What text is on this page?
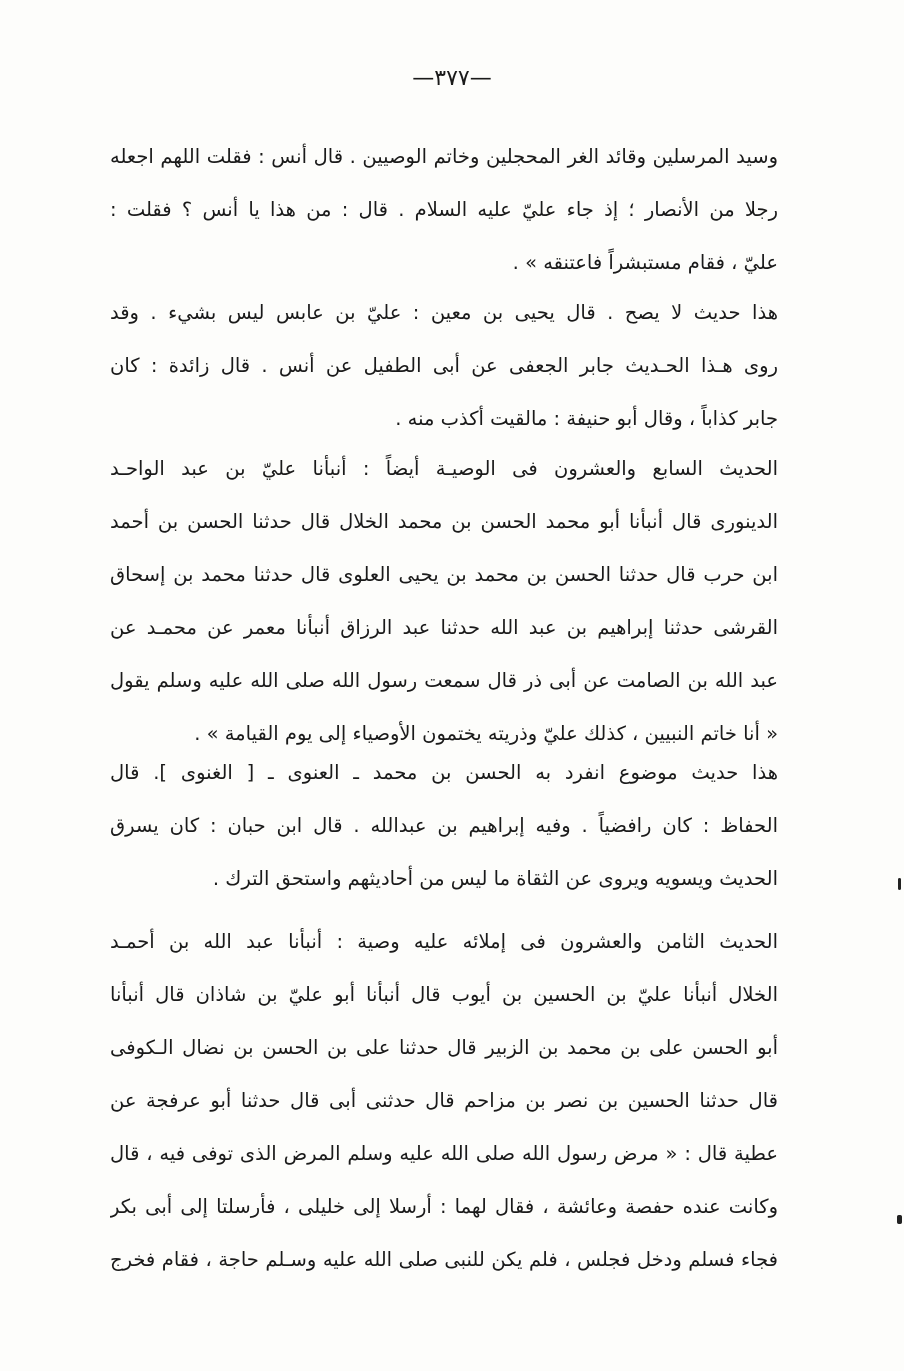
—٣٧٧—
وسيد المرسلين وقائد الغر المحجلين وخاتم الوصيين . قال أنس : فقلت اللهم اجعله
رجلا من الأنصار ؛ إذ جاء عليّ عليه السلام . قال : من هذا يا أنس ؟ فقلت :
عليّ ، فقام مستبشراً فاعتنقه » .
هذا حديث لا يصح . قال يحيى بن معين : عليّ بن عابس ليس بشيء . وقد
روى هـذا الحـديث جابر الجعفى عن أبى الطفيل عن أنس . قال زائدة : كان
جابر كذاباً ، وقال أبو حنيفة : مالقيت أكذب منه .
الحديث السابع والعشرون فى الوصيـة أيضاً : أنبأنا عليّ بن عبد الواحـد
الدينورى قال أنبأنا أبو محمد الحسن بن محمد الخلال قال حدثنا الحسن بن أحمد
ابن حرب قال حدثنا الحسن بن محمد بن يحيى العلوى قال حدثنا محمد بن إسحاق
القرشى حدثنا إبراهيم بن عبد الله حدثنا عبد الرزاق أنبأنا معمر عن محمـد عن
عبد الله بن الصامت عن أبى ذر قال سمعت رسول الله صلى الله عليه وسلم يقول
« أنا خاتم النبيين ، كذلك عليّ وذريته يختمون الأوصياء إلى يوم القيامة » .
هذا حديث موضوع انفرد به الحسن بن محمد ـ العنوى ـ [ الغنوى ]. قال
الحفاظ : كان رافضياً . وفيه إبراهيم بن عبدالله . قال ابن حبان : كان يسرق
الحديث ويسويه ويروى عن الثقاة ما ليس من أحاديثهم واستحق الترك .
الحديث الثامن والعشرون فى إملائه عليه وصية : أنبأنا عبد الله بن أحمـد
الخلال أنبأنا عليّ بن الحسين بن أيوب قال أنبأنا أبو عليّ بن شاذان قال أنبأنا
أبو الحسن على بن محمد بن الزبير قال حدثنا على بن الحسن بن نضال الـكوفى
قال حدثنا الحسين بن نصر بن مزاحم قال حدثنى أبى قال حدثنا أبو عرفجة عن
عطية قال : « مرض رسول الله صلى الله عليه وسلم المرض الذى توفى فيه ، قال
وكانت عنده حفصة وعائشة ، فقال لهما : أرسلا إلى خليلى ، فأرسلتا إلى أبى بكر
فجاء فسلم ودخل فجلس ، فلم يكن للنبى صلى الله عليه وسـلم حاجة ، فقام فخرج
